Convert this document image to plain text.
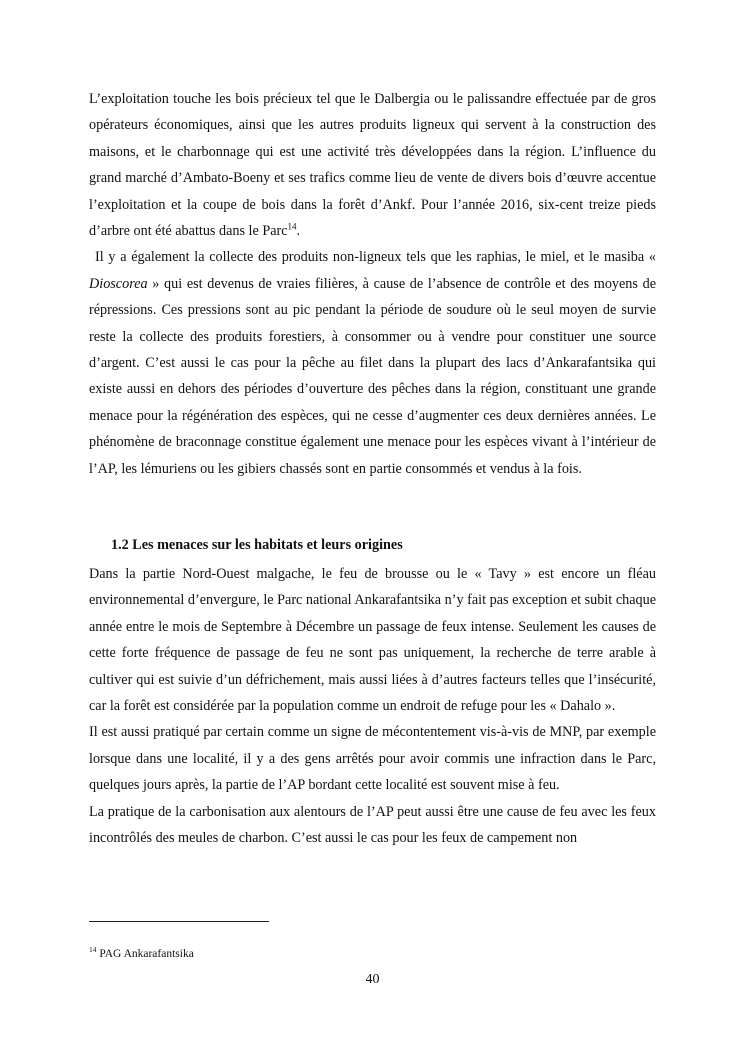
L’exploitation touche les bois précieux tel que le Dalbergia ou le palissandre effectuée par de gros opérateurs économiques, ainsi que les autres produits ligneux qui servent à la construction des maisons, et le charbonnage qui est une activité très développées dans la région. L’influence du grand marché d’Ambato-Boeny et ses trafics comme lieu de vente de divers bois d’œuvre accentue l’exploitation et la coupe de bois dans la forêt d’Ankf. Pour l’année 2016, six-cent treize pieds d’arbre ont été abattus dans le Parc$^{14}$.

Il y a également la collecte des produits non-ligneux tels que les raphias, le miel, et le masiba « Dioscorea » qui est devenus de vraies filières, à cause de l’absence de contrôle et des moyens de répressions. Ces pressions sont au pic pendant la période de soudure où le seul moyen de survie reste la collecte des produits forestiers, à consommer ou à vendre pour constituer une source d’argent. C’est aussi le cas pour la pêche au filet dans la plupart des lacs d’Ankarafantsika qui existe aussi en dehors des périodes d’ouverture des pêches dans la région, constituant une grande menace pour la régénération des espèces, qui ne cesse d’augmenter ces deux dernières années. Le phénomène de braconnage constitue également une menace pour les espèces vivant à l’intérieur de l’AP, les lémuriens ou les gibiers chassés sont en partie consommés et vendus à la fois.

1.2 Les menaces sur les habitats et leurs origines

Dans la partie Nord-Ouest malgache, le feu de brousse ou le « Tavy » est encore un fléau environnemental d’envergure, le Parc national Ankarafantsika n’y fait pas exception et subit chaque année entre le mois de Septembre à Décembre un passage de feux intense. Seulement les causes de cette forte fréquence de passage de feu ne sont pas uniquement, la recherche de terre arable à cultiver qui est suivie d’un défrichement, mais aussi liées à d’autres facteurs telles que l’insécurité, car la forêt est considérée par la population comme un endroit de refuge pour les « Dahalo ».

Il est aussi pratiqué par certain comme un signe de mécontentement vis-à-vis de MNP, par exemple lorsque dans une localité, il y a des gens arrêtés pour avoir commis une infraction dans le Parc, quelques jours après, la partie de l’AP bordant cette localité est souvent mise à feu.

La pratique de la carbonisation aux alentours de l’AP peut aussi être une cause de feu avec les feux incontrôlés des meules de charbon. C’est aussi le cas pour les feux de campement non

$^{14}$ PAG Ankarafantsika
40
